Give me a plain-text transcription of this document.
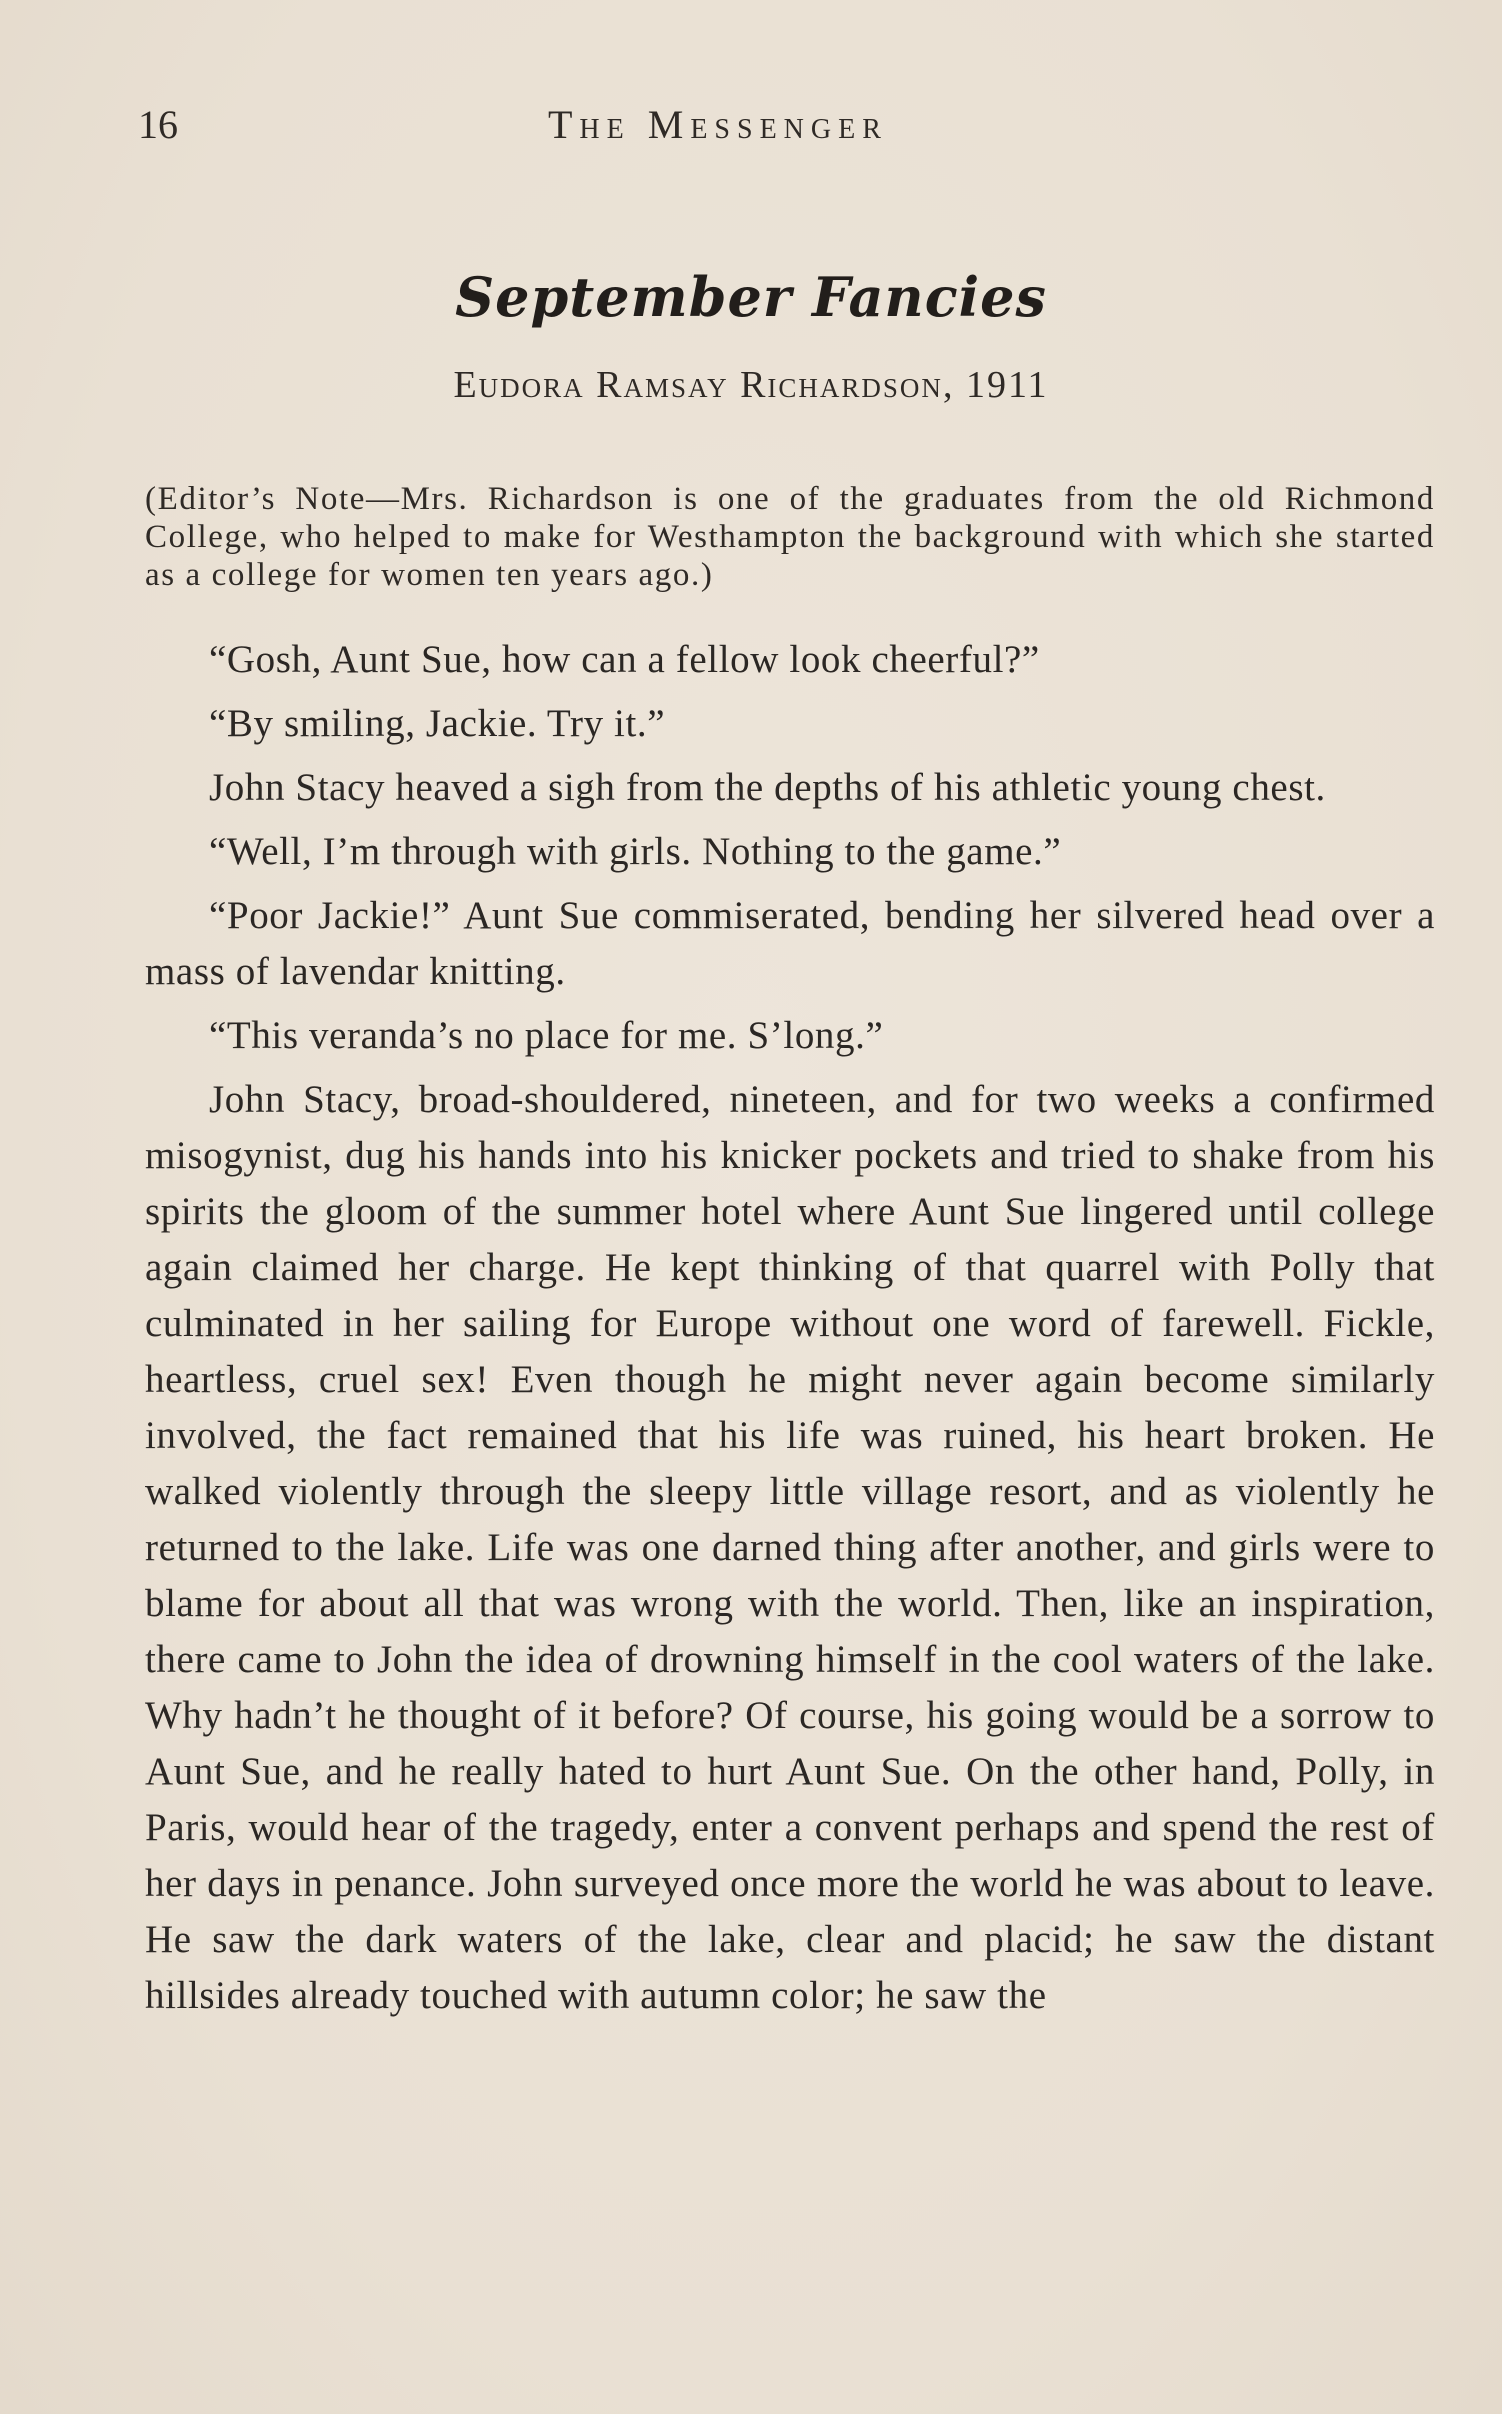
16	The Messenger
September Fancies
Eudora Ramsay Richardson, 1911
(Editor’s Note—Mrs. Richardson is one of the graduates from the old Richmond College, who helped to make for Westhampton the background with which she started as a college for women ten years ago.)

“Gosh, Aunt Sue, how can a fellow look cheerful?”

“By smiling, Jackie. Try it.”

John Stacy heaved a sigh from the depths of his athletic young chest.

“Well, I’m through with girls. Nothing to the game.”

“Poor Jackie!” Aunt Sue commiserated, bending her silvered head over a mass of lavendar knitting.

“This veranda’s no place for me. S’long.”

John Stacy, broad-shouldered, nineteen, and for two weeks a confirmed misogynist, dug his hands into his knicker pockets and tried to shake from his spirits the gloom of the summer hotel where Aunt Sue lingered until college again claimed her charge. He kept thinking of that quarrel with Polly that culminated in her sailing for Europe without one word of farewell. Fickle, heartless, cruel sex! Even though he might never again become similarly involved, the fact remained that his life was ruined, his heart broken. He walked violently through the sleepy little village resort, and as violently he returned to the lake. Life was one darned thing after another, and girls were to blame for about all that was wrong with the world. Then, like an inspiration, there came to John the idea of drowning himself in the cool waters of the lake. Why hadn’t he thought of it before? Of course, his going would be a sorrow to Aunt Sue, and he really hated to hurt Aunt Sue. On the other hand, Polly, in Paris, would hear of the tragedy, enter a convent perhaps and spend the rest of her days in penance. John surveyed once more the world he was about to leave. He saw the dark waters of the lake, clear and placid; he saw the distant hillsides already touched with autumn color; he saw the
